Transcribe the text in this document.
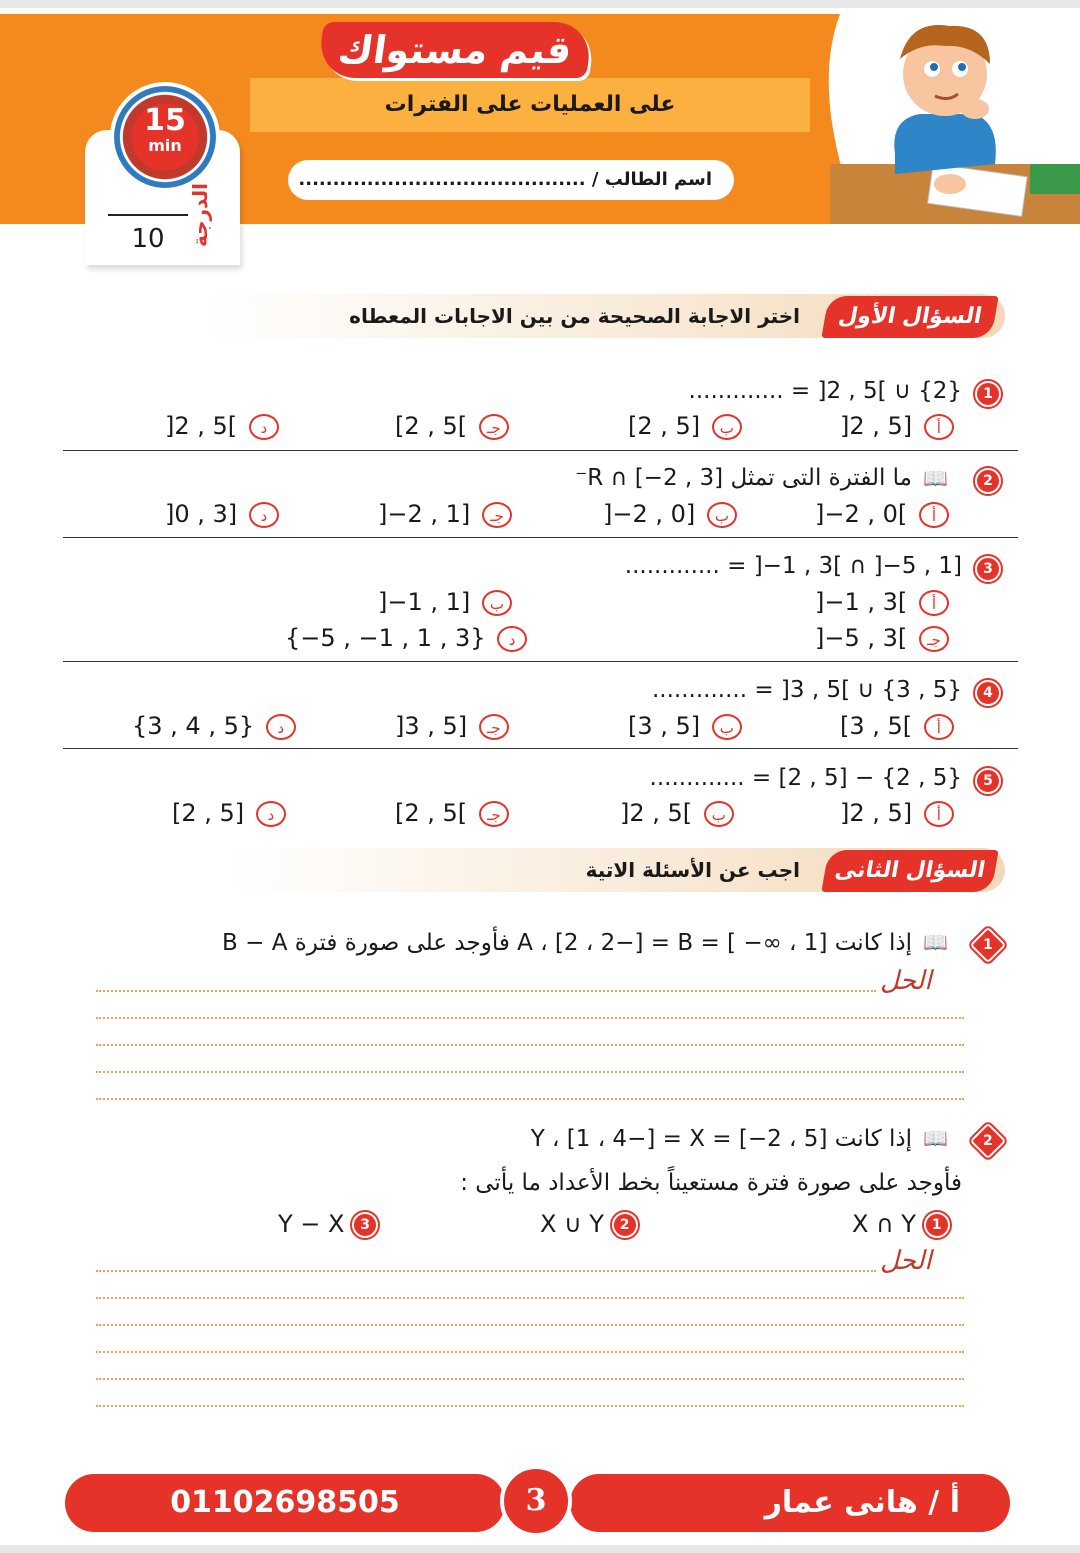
على العمليات على الفترات
قيم مستواك
اسم الطالب / ..........................................
15
min
الدرجة
10
السؤال الأول
اختر الاجابة الصحيحة من بين الاجابات المعطاه
1
............. = ]2 , 5[ ∪ {2}
]2 , 5] أ
[2 , 5] ب
[2 , 5[ جـ
]2 , 5[ د
2
📖
ما الفترة التى تمثل [3 , 2−] ∩ R⁻
]−2 , 0[ أ
]−2 , 0] ب
]−2 , 1] جـ
]0 , 3] د
3
............. = ]−1 , 3[ ∩ ]−5 , 1]
]−1 , 3[ أ
]−1 , 1] ب
]−5 , 3[ جـ
{−5 , −1 , 1 , 3} د
4
............. = ]3 , 5[ ∪ {3 , 5}
[3 , 5[ أ
[3 , 5] ب
]3 , 5] جـ
{3 , 4 , 5} د
5
............. = [2 , 5] − {2 , 5}
]2 , 5] أ
]2 , 5[ ب
[2 , 5[ جـ
[2 , 5] د
السؤال الثانى
اجب عن الأسئلة الاتية
1
📖
إذا كانت [1 ، ∞− ] = A ، [2 ، 2−] = B فأوجد على صورة فترة B − A
الحل
2
📖
إذا كانت [5 ، 2−] = Y ، [1 ، 4−] = X
فأوجد على صورة فترة مستعيناً بخط الأعداد ما يأتى :
X ∩ Y 1
X ∪ Y 2
Y − X 3
الحل
01102698505	أ / هانى عمار
3
